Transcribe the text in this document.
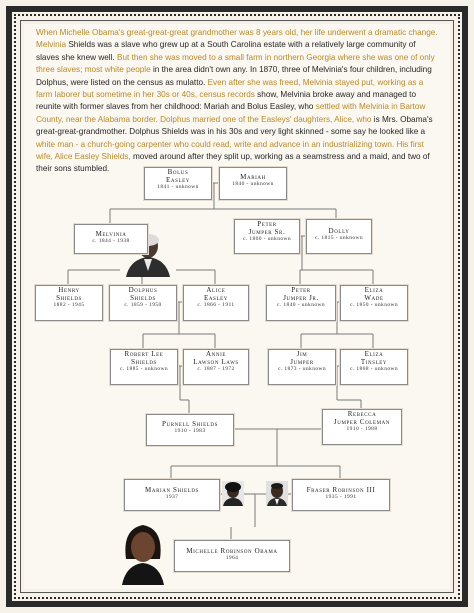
When Michelle Obama's great-great-great grandmother was 8 years old, her life underwent a dramatic change. Melvinia Shields was a slave who grew up at a South Carolina estate with a relatively large community of slaves she knew well. But then she was moved to a small farm in northern Georgia where she was one of only three slaves; most white people in the area didn't own any. In 1870, three of Melvinia's four children, including Dolphus, were listed on the census as mulatto. Even after she was freed, Melvinia stayed put, working as a farm laborer but sometime in her 30s or 40s, census records show, Melvinia broke away and managed to reunite with former slaves from her childhood: Mariah and Bolus Easley, who settled with Melvinia in Bartow County, near the Alabama border. Dolphus married one of the Easleys' daughters, Alice, who is Mrs. Obama's great-great-grandmother. Dolphus Shields was in his 30s and very light skinned - some say he looked like a white man - a church-going carpenter who could read, write and advance in an industrializing town. His first wife, Alice Easley Shields, moved around after they split up, working as a seamstress and a maid, and two of their sons stumbled.	Bolus
Easley
1841 - unknown
Mariah
1840 - unknown
Melvinia
c. 1844 - 1938
Peter
Jumper Sr.
c. 1800 - unknown
Dolly
c. 1815 - unknown
Henry
Shields
1882 - 1945
Dolphus
Shields
c. 1859 - 1950
Alice
Easley
c. 1866 - 1911
Peter
Jumper Jr.
c. 1840 - unknown
Eliza
Wade
c. 1850 - unknown
Robert Lee
Shields
c. 1885 - unknown
Annie
Lawson Laws
c. 1887 - 1972
Jim
Jumper
c. 1873 - unknown
Eliza
Tinsley
c. 1868 - unknown
Purnell Shields
1910 - 1983
Rebecca
Jumper Coleman
1910 - 1988
Marian Shields
1937
Fraser Robinson III
1935 - 1991
Michelle Robinson Obama
1964
